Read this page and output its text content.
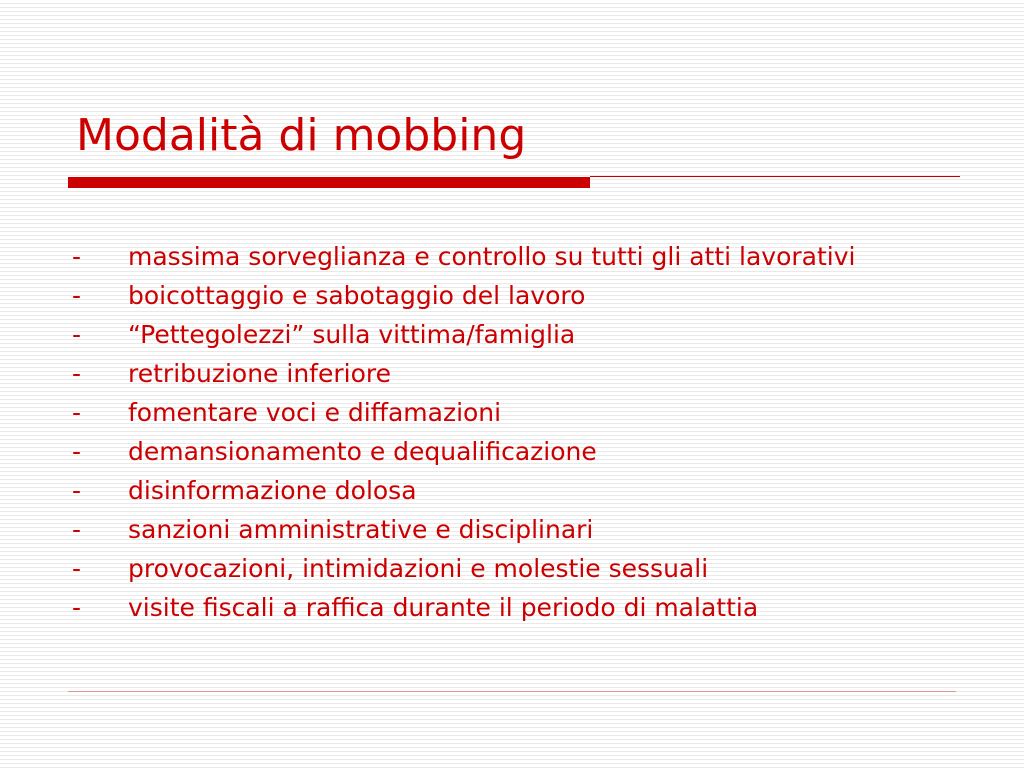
Modalità di mobbing
-	massima sorveglianza e controllo su tutti gli atti lavorativi
-	boicottaggio e sabotaggio del lavoro
-	“Pettegolezzi” sulla vittima/famiglia
-	retribuzione inferiore
-	fomentare voci e diffamazioni
-	demansionamento e dequalificazione
-	disinformazione dolosa
-	sanzioni amministrative e disciplinari
-	provocazioni, intimidazioni e molestie sessuali
-	visite fiscali a raffica durante il periodo di malattia
